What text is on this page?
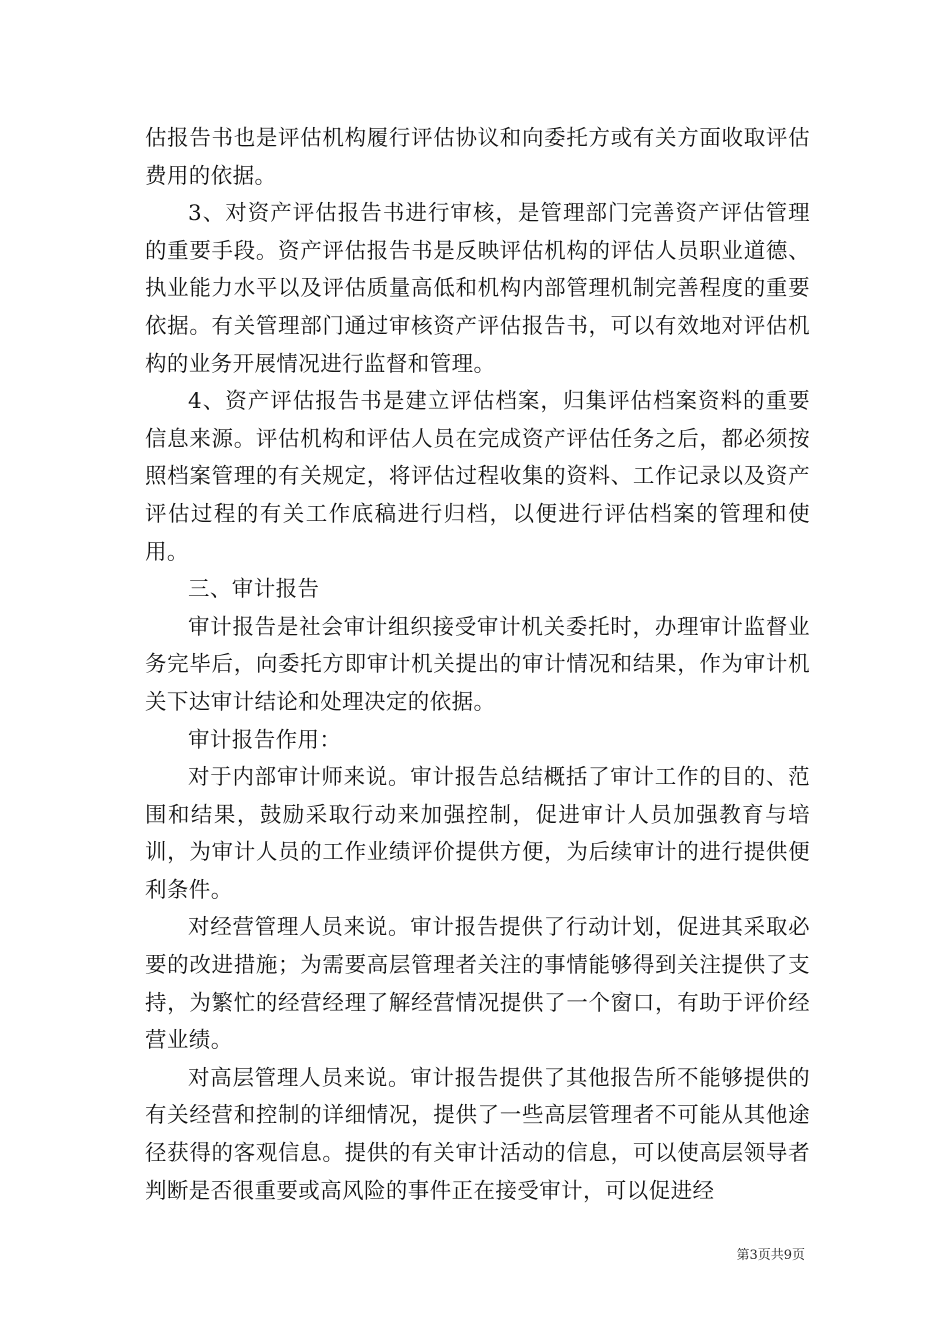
估报告书也是评估机构履行评估协议和向委托方或有关方面收取评估费用的依据。

3、对资产评估报告书进行审核，是管理部门完善资产评估管理的重要手段。资产评估报告书是反映评估机构的评估人员职业道德、执业能力水平以及评估质量高低和机构内部管理机制完善程度的重要依据。有关管理部门通过审核资产评估报告书，可以有效地对评估机构的业务开展情况进行监督和管理。

4、资产评估报告书是建立评估档案，归集评估档案资料的重要信息来源。评估机构和评估人员在完成资产评估任务之后，都必须按照档案管理的有关规定，将评估过程收集的资料、工作记录以及资产评估过程的有关工作底稿进行归档，以便进行评估档案的管理和使用。

三、审计报告

审计报告是社会审计组织接受审计机关委托时，办理审计监督业务完毕后，向委托方即审计机关提出的审计情况和结果，作为审计机关下达审计结论和处理决定的依据。

审计报告作用：

对于内部审计师来说。审计报告总结概括了审计工作的目的、范围和结果，鼓励采取行动来加强控制，促进审计人员加强教育与培训，为审计人员的工作业绩评价提供方便，为后续审计的进行提供便利条件。

对经营管理人员来说。审计报告提供了行动计划，促进其采取必要的改进措施；为需要高层管理者关注的事情能够得到关注提供了支持，为繁忙的经营经理了解经营情况提供了一个窗口，有助于评价经营业绩。

对高层管理人员来说。审计报告提供了其他报告所不能够提供的有关经营和控制的详细情况，提供了一些高层管理者不可能从其他途径获得的客观信息。提供的有关审计活动的信息，可以使高层领导者判断是否很重要或高风险的事件正在接受审计，可以促进经

第3页共9页
